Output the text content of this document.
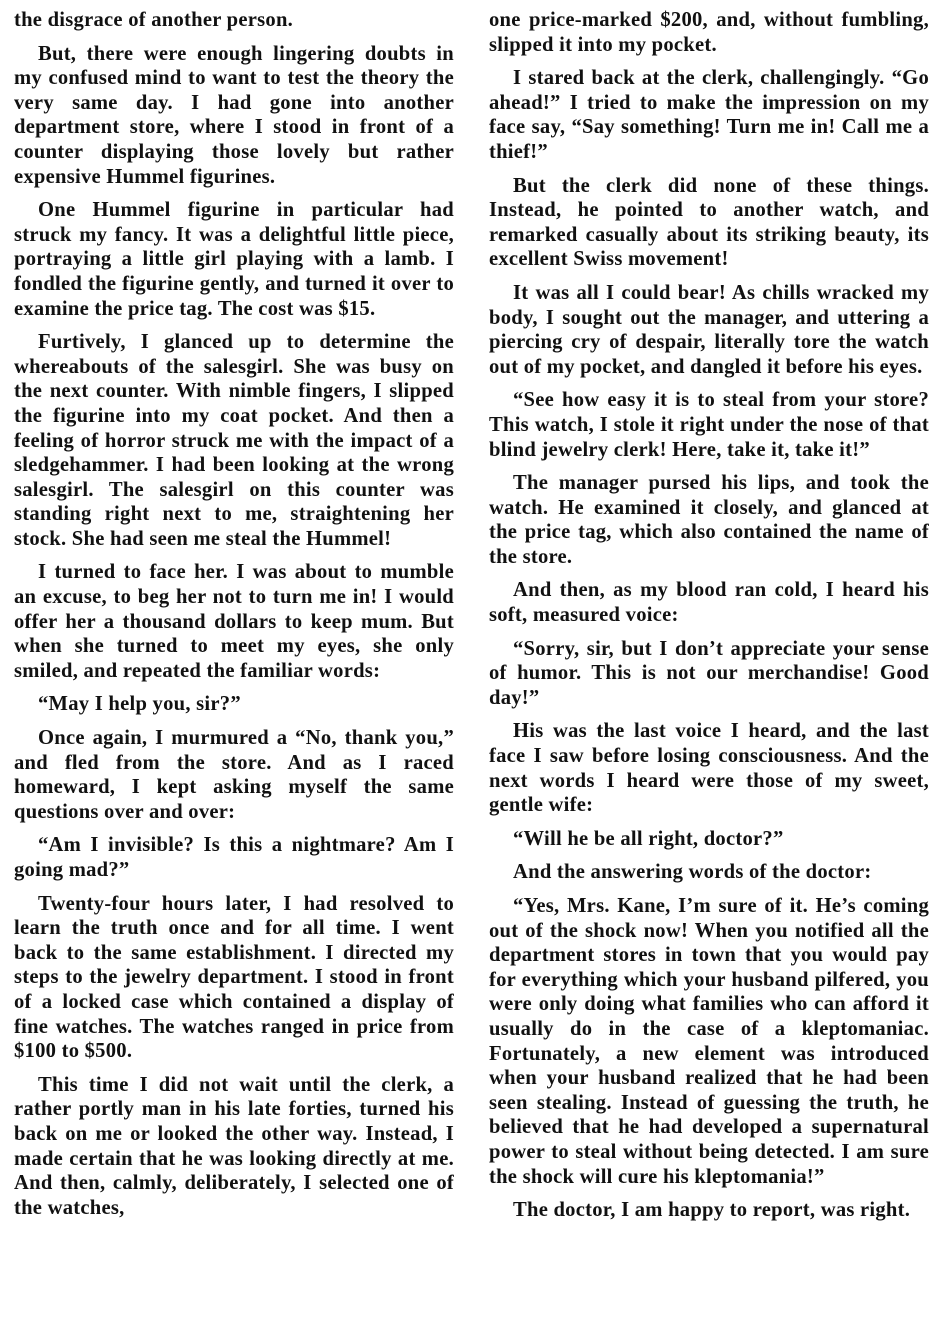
the disgrace of another person.

But, there were enough lingering doubts in my confused mind to want to test the theory the very same day. I had gone into another department store, where I stood in front of a counter displaying those lovely but rather expensive Hummel figurines.

One Hummel figurine in particular had struck my fancy. It was a delightful little piece, portraying a little girl playing with a lamb. I fondled the figurine gently, and turned it over to examine the price tag. The cost was $15.

Furtively, I glanced up to determine the whereabouts of the salesgirl. She was busy on the next counter. With nimble fingers, I slipped the figurine into my coat pocket. And then a feeling of horror struck me with the impact of a sledgehammer. I had been looking at the wrong salesgirl. The salesgirl on this counter was standing right next to me, straightening her stock. She had seen me steal the Hummel!

I turned to face her. I was about to mumble an excuse, to beg her not to turn me in! I would offer her a thousand dollars to keep mum. But when she turned to meet my eyes, she only smiled, and repeated the familiar words:

“May I help you, sir?”

Once again, I murmured a “No, thank you,” and fled from the store. And as I raced homeward, I kept asking myself the same questions over and over:

“Am I invisible? Is this a nightmare? Am I going mad?”

Twenty-four hours later, I had resolved to learn the truth once and for all time. I went back to the same establishment. I directed my steps to the jewelry department. I stood in front of a locked case which contained a display of fine watches. The watches ranged in price from $100 to $500.

This time I did not wait until the clerk, a rather portly man in his late forties, turned his back on me or looked the other way. Instead, I made certain that he was looking directly at me. And then, calmly, deliberately, I selected one of the watches,

one price-marked $200, and, without fumbling, slipped it into my pocket.

I stared back at the clerk, challengingly. “Go ahead!” I tried to make the impression on my face say, “Say something! Turn me in! Call me a thief!”

But the clerk did none of these things. Instead, he pointed to another watch, and remarked casually about its striking beauty, its excellent Swiss movement!

It was all I could bear! As chills wracked my body, I sought out the manager, and uttering a piercing cry of despair, literally tore the watch out of my pocket, and dangled it before his eyes.

“See how easy it is to steal from your store? This watch, I stole it right under the nose of that blind jewelry clerk! Here, take it, take it!”

The manager pursed his lips, and took the watch. He examined it closely, and glanced at the price tag, which also contained the name of the store.

And then, as my blood ran cold, I heard his soft, measured voice:

“Sorry, sir, but I don’t appreciate your sense of humor. This is not our merchandise! Good day!”

His was the last voice I heard, and the last face I saw before losing consciousness. And the next words I heard were those of my sweet, gentle wife:

“Will he be all right, doctor?”

And the answering words of the doctor:

“Yes, Mrs. Kane, I’m sure of it. He’s coming out of the shock now! When you notified all the department stores in town that you would pay for everything which your husband pilfered, you were only doing what families who can afford it usually do in the case of a kleptomaniac. Fortunately, a new element was introduced when your husband realized that he had been seen stealing. Instead of guessing the truth, he believed that he had developed a supernatural power to steal without being detected. I am sure the shock will cure his kleptomania!”

The doctor, I am happy to report, was right.
